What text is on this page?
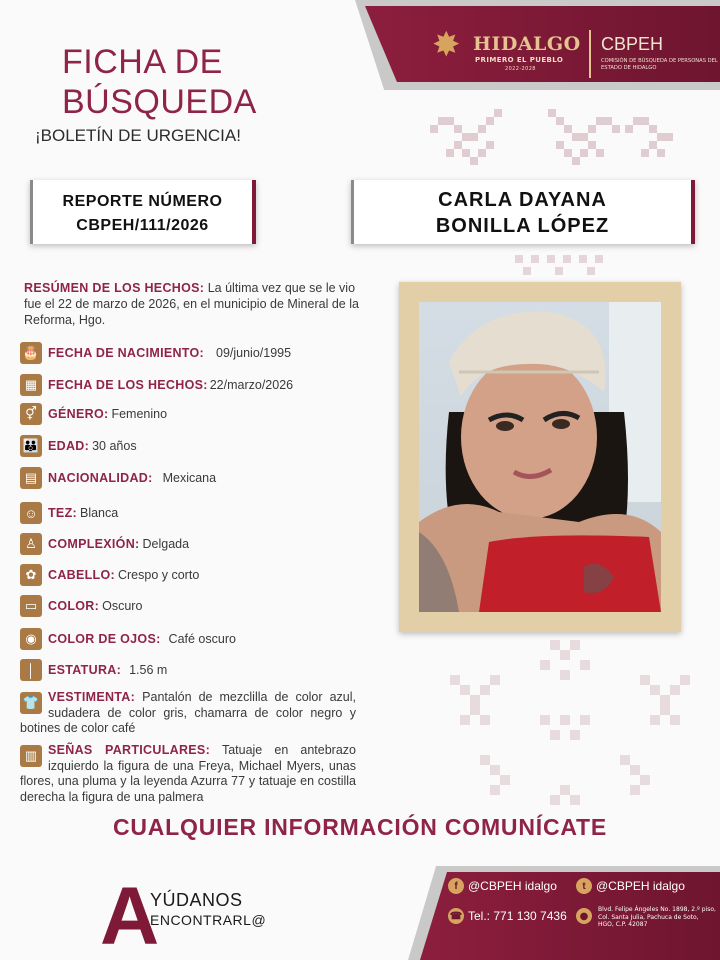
✸ HIDALGO
PRIMERO EL PUEBLO
2022-2028
CBPEH
COMISIÓN DE BÚSQUEDA DE PERSONAS DEL ESTADO DE HIDALGO
FICHA DE
BÚSQUEDA
¡BOLETÍN DE URGENCIA!
REPORTE NÚMERO
CBPEH/111/2026
CARLA DAYANA
BONILLA LÓPEZ
RESÚMEN DE LOS HECHOS: La última vez que se le vio fue el 22 de marzo de 2026, en el municipio de Mineral de la Reforma, Hgo.
🎂 FECHA DE NACIMIENTO: 09/junio/1995
▦ FECHA DE LOS HECHOS: 22/marzo/2026
⚥ GÉNERO: Femenino
👪 EDAD: 30 años
▤ NACIONALIDAD: Mexicana
☺ TEZ: Blanca
♙ COMPLEXIÓN: Delgada
✿ CABELLO: Crespo y corto
▭ COLOR: Oscuro
◉ COLOR DE OJOS: Café oscuro
│	ESTATURA: 1.56 m
👕 VESTIMENTA: Pantalón de mezclilla de color azul, sudadera de color gris, chamarra de color negro y botines de color café
▥ SEÑAS PARTICULARES: Tatuaje en antebrazo izquierdo la figura de una Freya, Michael Myers, unas flores, una pluma y la leyenda Azurra 77 y tatuaje en costilla derecha la figura de una palmera
CUALQUIER INFORMACIÓN COMUNÍCATE
A
YÚDANOS
ENCONTRARL@
f @CBPEH idalgo	t @CBPEH idalgo
☎ Tel.: 771 130 7436	●
Blvd. Felipe Ángeles No. 1898, 2.º piso, Col. Santa Julia, Pachuca de Soto, HGO, C.P. 42087
